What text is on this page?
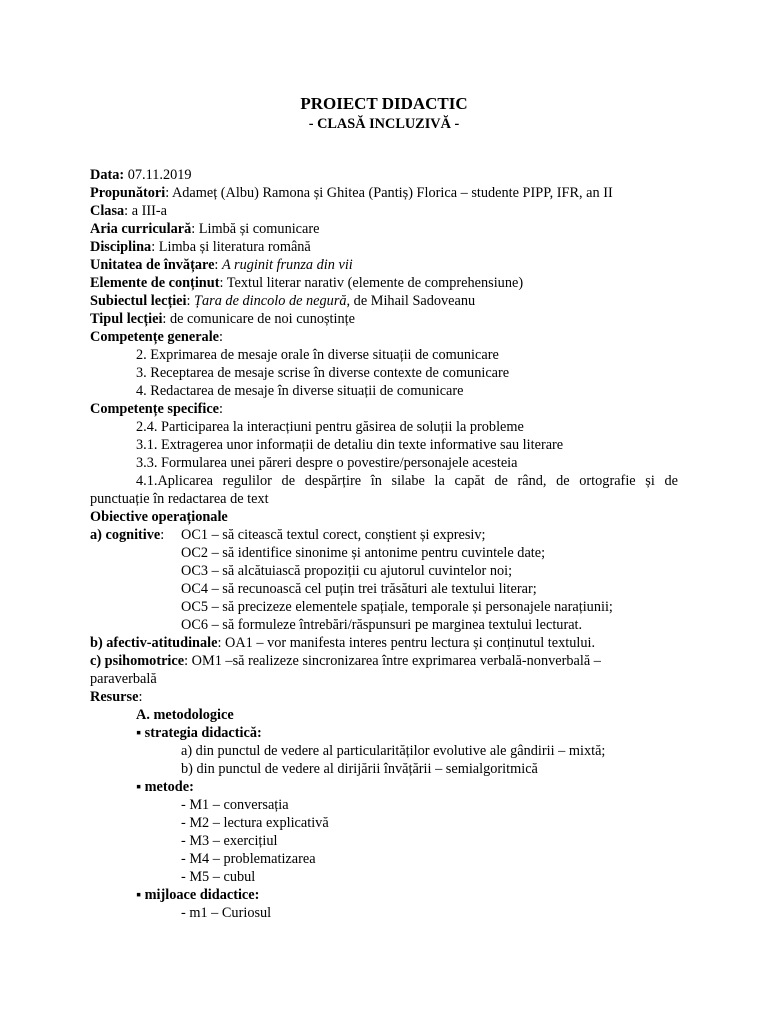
PROIECT DIDACTIC
- CLASĂ INCLUZIVĂ -
Data: 07.11.2019
Propunători: Adameț (Albu) Ramona și Ghitea (Pantiș) Florica – studente PIPP, IFR, an II
Clasa: a III-a
Aria curriculară: Limbă și comunicare
Disciplina: Limba și literatura română
Unitatea de învățare: A ruginit frunza din vii
Elemente de conținut: Textul literar narativ (elemente de comprehensiune)
Subiectul lecției: Țara de dincolo de negură, de Mihail Sadoveanu
Tipul lecției: de comunicare de noi cunoștințe
Competențe generale:
2. Exprimarea de mesaje orale în diverse situații de comunicare
3. Receptarea de mesaje scrise în diverse contexte de comunicare
4. Redactarea de mesaje în diverse situații de comunicare
Competențe specifice:
2.4. Participarea la interacțiuni pentru găsirea de soluții la probleme
3.1. Extragerea unor informații de detaliu din texte informative sau literare
3.3. Formularea unei păreri despre o povestire/personajele acesteia
4.1.Aplicarea regulilor de despărțire în silabe la capăt de rând, de ortografie și de
punctuație în redactarea de text
Obiective operaționale
a) cognitive: OC1 – să citească textul corect, conștient și expresiv;
OC2 – să identifice sinonime și antonime pentru cuvintele date;
OC3 – să alcătuiască propoziții cu ajutorul cuvintelor noi;
OC4 – să recunoască cel puțin trei trăsături ale textului literar;
OC5 – să precizeze elementele spațiale, temporale și personajele narațiunii;
OC6 – să formuleze întrebări/răspunsuri pe marginea textului lecturat.
b) afectiv-atitudinale: OA1 – vor manifesta interes pentru lectura și conținutul textului.
c) psihomotrice: OM1 –să realizeze sincronizarea între exprimarea verbală-nonverbală –
paraverbală
Resurse:
A. metodologice
▪ strategia didactică:
a) din punctul de vedere al particularităților evolutive ale gândirii – mixtă;
b) din punctul de vedere al dirijării învățării – semialgoritmică
▪ metode:
- M1 – conversația
- M2 – lectura explicativă
- M3 – exercițiul
- M4 – problematizarea
- M5 – cubul
▪ mijloace didactice:
- m1 – Curiosul
